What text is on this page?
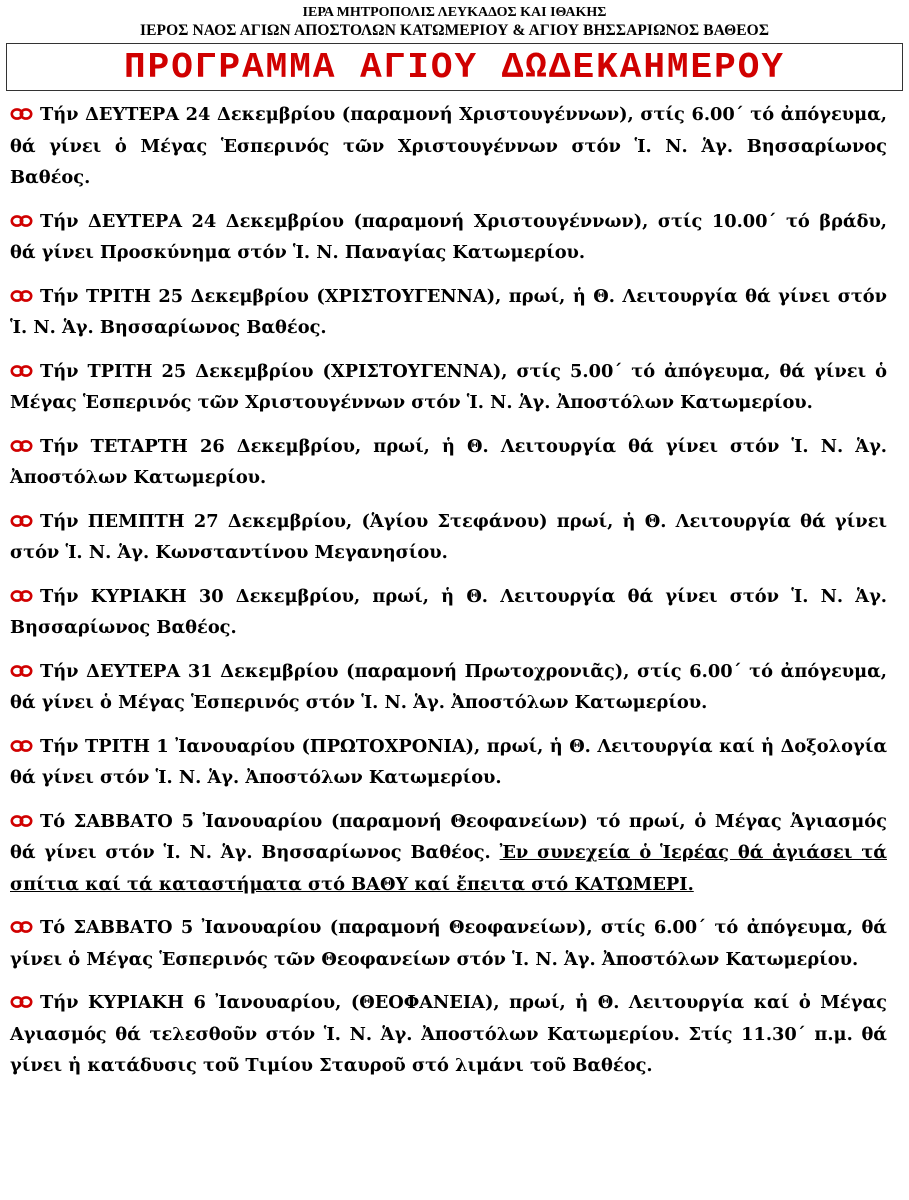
ΙΕΡΑ ΜΗΤΡΟΠΟΛΙΣ ΛΕΥΚΑΔΟΣ ΚΑΙ ΙΘΑΚΗΣ
ΙΕΡΟΣ ΝΑΟΣ ΑΓΙΩΝ ΑΠΟΣΤΟΛΩΝ ΚΑΤΩΜΕΡΙΟΥ & ΑΓΙΟΥ ΒΗΣΣΑΡΙΩΝΟΣ ΒΑΘΕΟΣ
ΠΡΟΓΡΑΜΜΑ ΑΓΙΟΥ ΔΩΔΕΚΑΗΜΕΡΟΥ

Τήν ΔΕΥΤΕΡΑ 24 Δεκεμβρίου (παραμονή Χριστουγέννων), στίς 6.00΄ τό ἀπόγευμα, θά γίνει ὁ Μέγας Ἑσπερινός τῶν Χριστουγέννων στόν Ἱ. Ν. Ἁγ. Βησσαρίωνος Βαθέος.

Τήν ΔΕΥΤΕΡΑ 24 Δεκεμβρίου (παραμονή Χριστουγέννων), στίς 10.00΄ τό βράδυ, θά γίνει Προσκύνημα στόν Ἱ. Ν. Παναγίας Κατωμερίου.

Τήν ΤΡΙΤΗ 25 Δεκεμβρίου (ΧΡΙΣΤΟΥΓΕΝΝΑ), πρωί, ἡ Θ. Λειτουργία θά γίνει στόν Ἱ. Ν. Ἁγ. Βησσαρίωνος Βαθέος.

Τήν ΤΡΙΤΗ 25 Δεκεμβρίου (ΧΡΙΣΤΟΥΓΕΝΝΑ), στίς 5.00΄ τό ἀπόγευμα, θά γίνει ὁ Μέγας Ἑσπερινός τῶν Χριστουγέννων στόν Ἱ. Ν. Ἁγ. Ἀποστόλων Κατωμερίου.

Τήν ΤΕΤΑΡΤΗ 26 Δεκεμβρίου, πρωί, ἡ Θ. Λειτουργία θά γίνει στόν Ἱ. Ν. Ἁγ. Ἀποστόλων Κατωμερίου.

Τήν ΠΕΜΠΤΗ 27 Δεκεμβρίου, (Ἁγίου Στεφάνου) πρωί, ἡ Θ. Λειτουργία θά γίνει στόν Ἱ. Ν. Ἁγ. Κωνσταντίνου Μεγανησίου.

Τήν ΚΥΡΙΑΚΗ 30 Δεκεμβρίου, πρωί, ἡ Θ. Λειτουργία θά γίνει στόν Ἱ. Ν. Ἁγ. Βησσαρίωνος Βαθέος.

Τήν ΔΕΥΤΕΡΑ 31 Δεκεμβρίου (παραμονή Πρωτοχρονιᾶς), στίς 6.00΄ τό ἀπόγευμα, θά γίνει ὁ Μέγας Ἑσπερινός στόν Ἱ. Ν. Ἁγ. Ἀποστόλων Κατωμερίου.

Τήν ΤΡΙΤΗ 1 Ἰανουαρίου (ΠΡΩΤΟΧΡΟΝΙΑ), πρωί, ἡ Θ. Λειτουργία καί ἡ Δοξολογία θά γίνει στόν Ἱ. Ν. Ἁγ. Ἀποστόλων Κατωμερίου.

Τό ΣΑΒΒΑΤΟ 5 Ἰανουαρίου (παραμονή Θεοφανείων) τό πρωί, ὁ Μέγας Ἁγιασμός θά γίνει στόν Ἱ. Ν. Ἁγ. Βησσαρίωνος Βαθέος. Ἐν συνεχεία ὁ Ἱερέας θά ἁγιάσει τά σπίτια καί τά καταστήματα στό ΒΑΘΥ καί ἔπειτα στό ΚΑΤΩΜΕΡΙ.

Τό ΣΑΒΒΑΤΟ 5 Ἰανουαρίου (παραμονή Θεοφανείων), στίς 6.00΄ τό ἀπόγευμα, θά γίνει ὁ Μέγας Ἑσπερινός τῶν Θεοφανείων στόν Ἱ. Ν. Ἁγ. Ἀποστόλων Κατωμερίου.

Τήν ΚΥΡΙΑΚΗ 6 Ἰανουαρίου, (ΘΕΟΦΑΝΕΙΑ), πρωί, ἡ Θ. Λειτουργία καί ὁ Μέγας Αγιασμός θά τελεσθοῦν στόν Ἱ. Ν. Ἁγ. Ἀποστόλων Κατωμερίου. Στίς 11.30΄ π.μ. θά γίνει ἡ κατάδυσις τοῦ Τιμίου Σταυροῦ στό λιμάνι τοῦ Βαθέος.
